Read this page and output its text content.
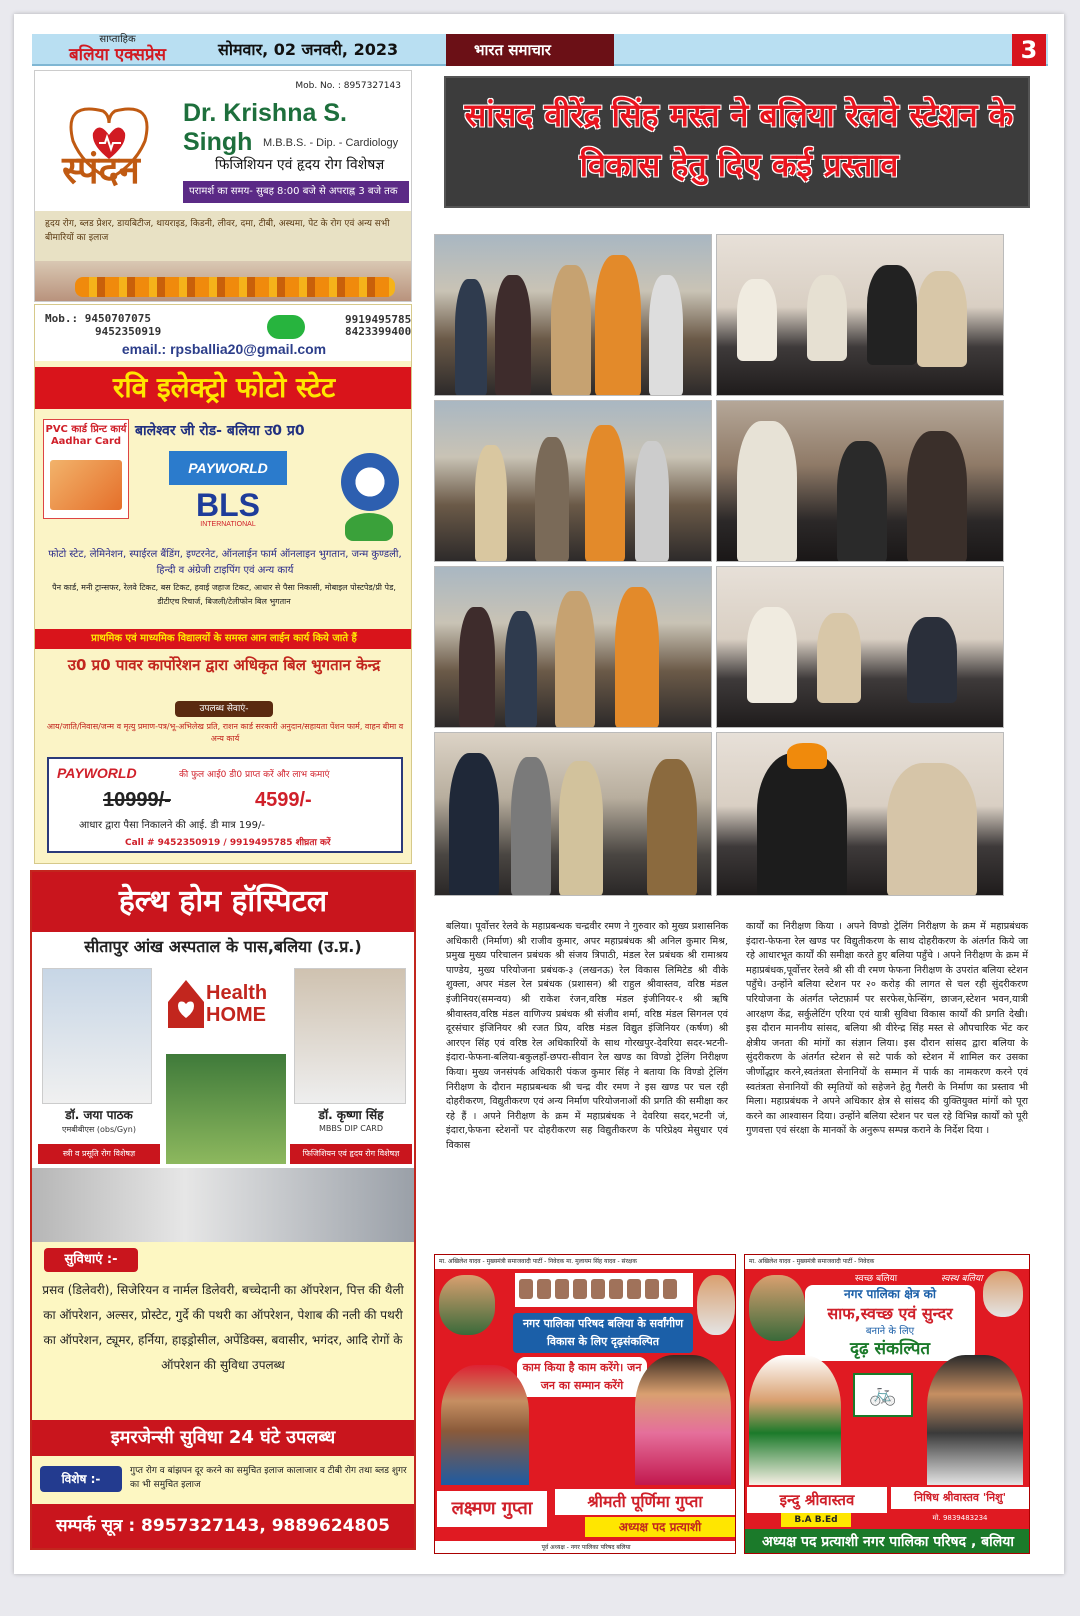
साप्ताहिक
बलिया एक्सप्रेस	सोमवार, 02 जनवरी, 2023	भारत समाचार	3
स्पंदन
Mob. No. : 8957327143
Dr. Krishna S. Singh M.B.B.S. - Dip. - Cardiology
फिजिशियन एवं हृदय रोग विशेषज्ञ
परामर्श का समय- सुबह 8:00 बजे से अपराह्न 3 बजे तक
हृदय रोग, ब्लड प्रेशर, डायबिटीज, थायराइड, किडनी, लीवर, दमा, टीबी, अस्थमा, पेट के रोग एवं अन्य सभी बीमारियों का इलाज
Mob.: 9450707075
9452350919
9919495785
8423399400
email.: rpsballia20@gmail.com
रवि इलेक्ट्रो फोटो स्टेट
PVC कार्ड प्रिन्ट कार्य Aadhar Card
बालेश्वर जी रोड- बलिया उ0 प्र0
PAYWORLD
BLS
INTERNATIONAL
फोटो स्टेट, लेमिनेशन, स्पाईरल बैंडिंग, इण्टरनेट, ऑनलाईन फार्म ऑनलाइन भुगतान, जन्म कुण्डली, हिन्दी व अंग्रेजी टाइपिंग एवं अन्य कार्य
पैन कार्ड, मनी ट्रान्सफर, रेलवे टिकट, बस टिकट, हवाई जहाज टिकट, आधार से पैसा निकासी, मोबाइल पोस्टपेड/प्री पेड, डीटीएच रिचार्ज, बिजली/टेलीफोन बिल भुगतान
प्राथमिक एवं माध्यमिक विद्यालयों के समस्त आन लाईन कार्य किये जाते हैं
उ0 प्र0 पावर कार्पोरेशन द्वारा अधिकृत बिल भुगतान केन्द्र
उपलब्ध सेवाएं-
आय/जाति/निवास/जन्म व मृत्यु प्रमाण-पत्र/भू-अभिलेख प्रति, राशन कार्ड सरकारी अनुदान/सहायता पेंशन फार्म, वाहन बीमा व अन्य कार्य
PAYWORLD	की फुल आई0 डी0 प्राप्त करें और लाभ कमाएं
10999/-	4599/-
आधार द्वारा पैसा निकालने की आई. डी मात्र 199/-
Call # 9452350919 / 9919495785 शीघ्रता करें
हेल्थ होम हॉस्पिटल
सीतापुर आंख अस्पताल के पास,बलिया (उ.प्र.)
Health HOME
डॉ. जया पाठक
एमबीबीएस (obs/Gyn)
स्त्री व प्रसूति रोग विशेषज्ञ
डॉ. कृष्णा सिंह
MBBS DIP CARD
फिजिशियन एवं हृदय रोग विशेषज्ञ
सुविधाएं :-
प्रसव (डिलेवरी), सिजेरियन व नार्मल डिलेवरी, बच्चेदानी का ऑपरेशन, पित्त की थैली का ऑपरेशन, अल्सर, प्रोस्टेट, गुर्दे की पथरी का ऑपरेशन, पेशाब की नली की पथरी का ऑपरेशन, ट्यूमर, हर्निया, हाइड्रोसील, अपेंडिक्स, बवासीर, भगंदर, आदि रोगों के ऑपरेशन की सुविधा उपलब्ध
इमरजेन्सी सुविधा 24 घंटे उपलब्ध
विशेष :-
गुप्त रोग व बांझपन दूर करने का समुचित इलाज कालाजार व टीबी रोग तथा ब्लड शुगर का भी समुचित इलाज
सम्पर्क सूत्र : 8957327143, 9889624805
सांसद वीरेंद्र सिंह मस्त ने बलिया रेलवे स्टेशन के विकास हेतु दिए कई प्रस्ताव
बलिया। पूर्वोत्तर रेलवे के महाप्रबन्धक चन्द्रवीर रमण ने गुरुवार को मुख्य प्रशासनिक अधिकारी (निर्माण) श्री राजीव कुमार, अपर महाप्रबंधक श्री अनिल कुमार मिश्र, प्रमुख मुख्य परिचालन प्रबंधक श्री संजय त्रिपाठी, मंडल रेल प्रबंधक श्री रामाश्रय पाण्डेय, मुख्य परियोजना प्रबंधक-३ (लखनऊ) रेल विकास लिमिटेड श्री वीके शुक्ला, अपर मंडल रेल प्रबंधक (प्रशासन) श्री राहुल श्रीवास्तव, वरिष्ठ मंडल इंजीनियर(समन्वय) श्री राकेश रंजन,वरिष्ठ मंडल इंजीनियर-१ श्री ऋषि श्रीवास्तव,वरिष्ठ मंडल वाणिज्य प्रबंधक श्री संजीव शर्मा, वरिष्ठ मंडल सिगनल एवं दूरसंचार इंजिनियर श्री रजत प्रिय, वरिष्ठ मंडल विद्युत इंजिनियर (कर्षण) श्री आरएन सिंह एवं वरिष्ठ रेल अधिकारियों के साथ गोरखपुर-देवरिया सदर-भटनी-इंदारा-फेफना-बलिया-बकुलहाँ-छपरा-सीवान रेल खण्ड का विण्डो ट्रेलिंग निरीक्षण किया। मुख्य जनसंपर्क अधिकारी पंकज कुमार सिंह ने बताया कि विण्डो ट्रेलिंग निरीक्षण के दौरान महाप्रबन्धक श्री चन्द्र वीर रमण ने इस खण्ड पर चल रही दोहरीकरण, विद्युतीकरण एवं अन्य निर्माण परियोजनाओं की प्रगति की समीक्षा कर रहे हैं । अपने निरीक्षण के क्रम में महाप्रबंधक ने देवरिया सदर,भटनी जं, इंदारा,फेफना स्टेशनों पर दोहरीकरण सह विद्युतीकरण के परिप्रेक्ष्य मेसुधार एवं विकास
कार्यों का निरीक्षण किया । अपने विण्डो ट्रेलिंग निरीक्षण के क्रम में महाप्रबंधक इंदारा-फेफना रेल खण्ड पर विद्युतीकरण के साथ दोहरीकरण के अंतर्गत किये जा रहे आधारभूत कार्यों की समीक्षा करते हुए बलिया पहुँचे । अपने निरीक्षण के क्रम में महाप्रबंधक,पूर्वोत्तर रेलवे श्री सी वी रमण फेफना निरीक्षण के उपरांत बलिया स्टेशन पहुँचे। उन्होंने बलिया स्टेशन पर २० करोड़ की लागत से चल रही सुंदरीकरण परियोजना के अंतर्गत प्लेटफ़ार्म पर सरफेस,फेन्सिंग, छाजन,स्टेशन भवन,यात्री आरक्षण केंद्र, सर्कुलेटिंग एरिया एवं यात्री सुविधा विकास कार्यों की प्रगति देखी। इस दौरान माननीय सांसद, बलिया श्री वीरेन्द्र सिंह मस्त से औपचारिक भेंट कर क्षेत्रीय जनता की मांगों का संज्ञान लिया। इस दौरान सांसद द्वारा बलिया के सुंदरीकरण के अंतर्गत स्टेशन से सटे पार्क को स्टेशन में शामिल कर उसका जीर्णोद्धार करने,स्वतंत्रता सेनानियों के सम्मान में पार्क का नामकरण करने एवं स्वतंत्रता सेनानियों की स्मृतियों को सहेजने हेतु गैलरी के निर्माण का प्रस्ताव भी मिला। महाप्रबंधक ने अपने अधिकार क्षेत्र से सांसद की युक्तियुक्त मांगों को पूरा करने का आश्वासन दिया। उन्होंने बलिया स्टेशन पर चल रहे विभिन्न कार्यों को पूरी गुणवत्ता एवं संरक्षा के मानकों के अनुरूप सम्पन्न कराने के निर्देश दिया ।
मा. अखिलेश यादव - मुख्यमंत्री समाजवादी पार्टी - निवेदक मा. मुलायम सिंह यादव - संरक्षक
नगर पालिका परिषद बलिया के सर्वांगीण विकास के लिए दृढ़संकल्पित
काम किया है काम करेंगे। जन जन का सम्मान करेंगे
लक्ष्मण गुप्ता	श्रीमती पूर्णिमा गुप्ता
अध्यक्ष पद प्रत्याशी
पूर्व अध्यक्ष - नगर पालिका परिषद बलिया
मा. अखिलेश यादव - मुख्यमंत्री समाजवादी पार्टी - निवेदक
स्वच्छ बलिया	स्वस्थ बलिया
नगर पालिका क्षेत्र को
साफ,स्वच्छ एवं सुन्दर
बनाने के लिए
दृढ़ संकल्पित
🚲
इन्दु श्रीवास्तव
B.A B.Ed
निषिध श्रीवास्तव 'निशु'
मो. 9839483234
अध्यक्ष पद प्रत्याशी नगर पालिका परिषद , बलिया
